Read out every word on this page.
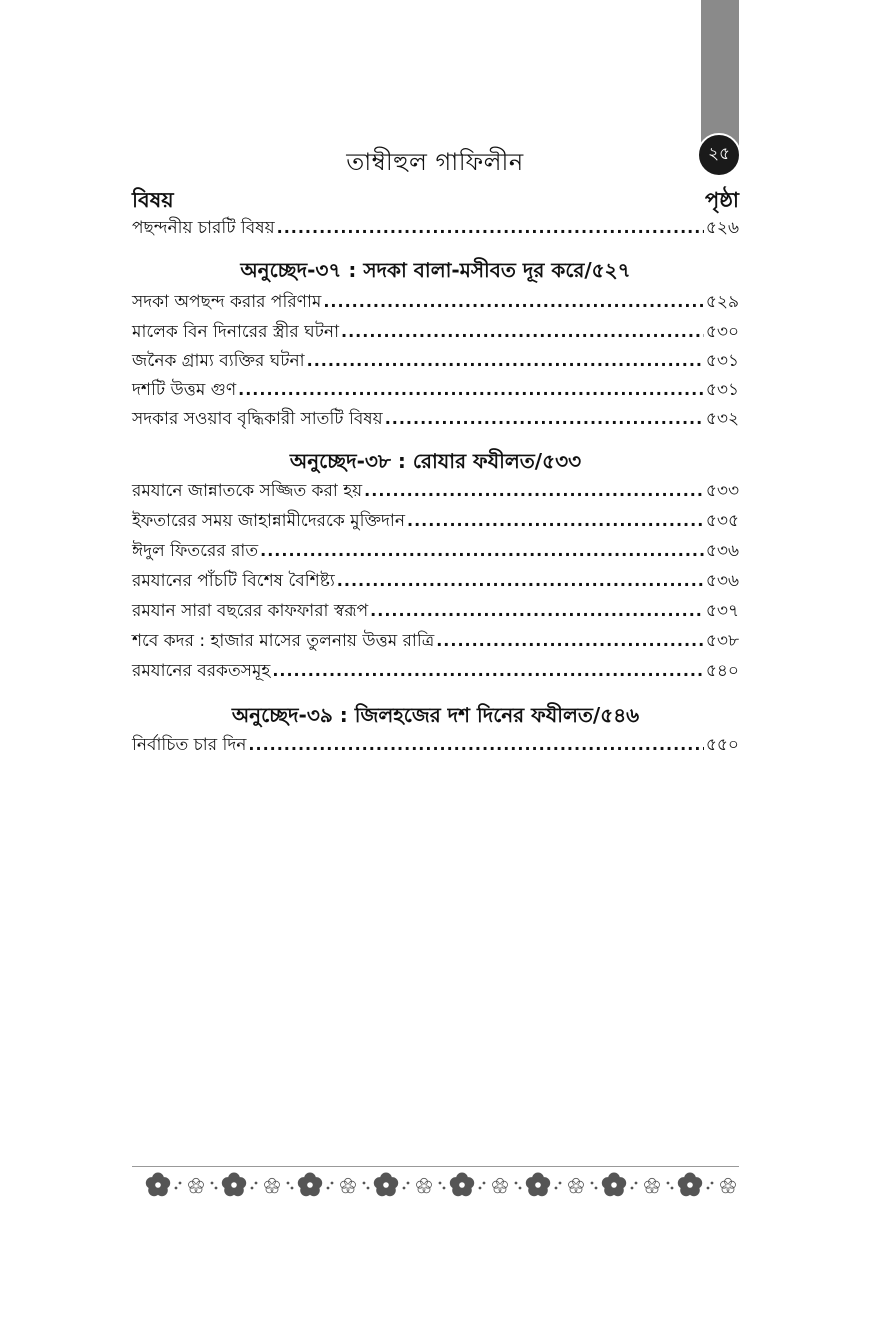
২৫
তাম্বীহুল গাফিলীন
বিষয়	পৃষ্ঠা
পছন্দনীয় চারটি বিষয় .....	৫২৬
অনুচ্ছেদ-৩৭ : সদকা বালা-মসীবত দূর করে/৫২৭
সদকা অপছন্দ করার পরিণাম .....	৫২৯
মালেক বিন দিনারের স্ত্রীর ঘটনা .....	৫৩০
জনৈক গ্রাম্য ব্যক্তির ঘটনা .....	৫৩১
দশটি উত্তম গুণ .....	৫৩১
সদকার সওয়াব বৃদ্ধিকারী সাতটি বিষয় .....	৫৩২
অনুচ্ছেদ-৩৮ : রোযার ফযীলত/৫৩৩
রমযানে জান্নাতকে সজ্জিত করা হয় .....	৫৩৩
ইফতারের সময় জাহান্নামীদেরকে মুক্তিদান .....	৫৩৫
ঈদুল ফিতরের রাত .....	৫৩৬
রমযানের পাঁচটি বিশেষ বৈশিষ্ট্য .....	৫৩৬
রমযান সারা বছরের কাফফারা স্বরূপ .....	৫৩৭
শবে কদর : হাজার মাসের তুলনায় উত্তম রাত্রি .....	৫৩৮
রমযানের বরকতসমূহ .....	৫৪০
অনুচ্ছেদ-৩৯ : জিলহজের দশ দিনের ফযীলত/৫৪৬
নির্বাচিত চার দিন .....	৫৫০
